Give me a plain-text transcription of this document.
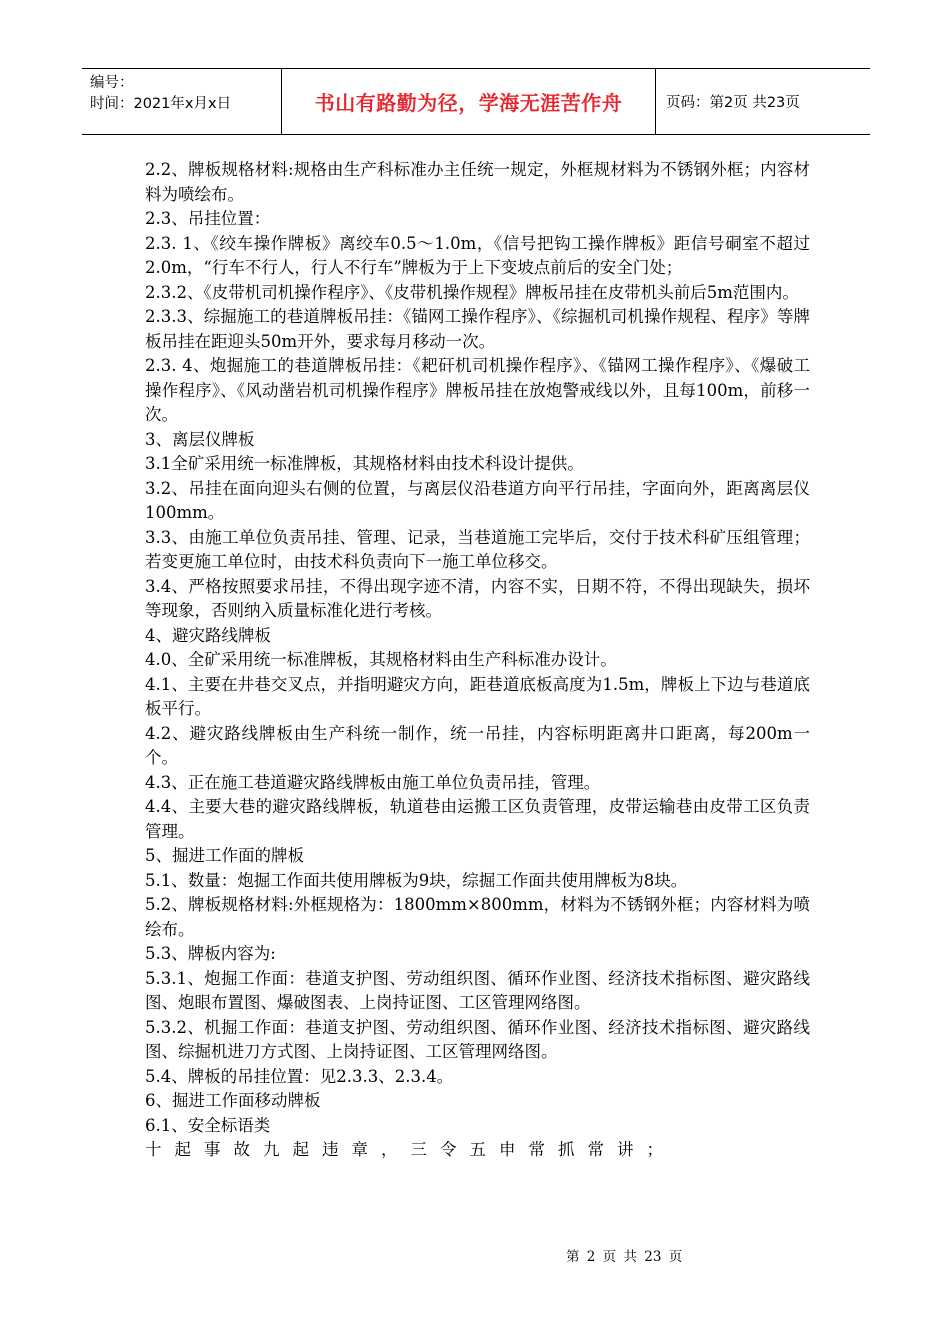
编号：
时间：2021年x月x日	书山有路勤为径，学海无涯苦作舟	页码：第2页 共23页

2.2、牌板规格材料:规格由生产科标准办主任统一规定，外框规材料为不锈钢外框；内容材料为喷绘布。

2.3、吊挂位置：

2.3. 1、《绞车操作牌板》离绞车0.5～1.0m，《信号把钩工操作牌板》距信号硐室不超过2.0m，“行车不行人，行人不行车”牌板为于上下变坡点前后的安全门处；

2.3.2、《皮带机司机操作程序》、《皮带机操作规程》牌板吊挂在皮带机头前后5m范围内。

2.3.3、综掘施工的巷道牌板吊挂：《锚网工操作程序》、《综掘机司机操作规程、程序》等牌板吊挂在距迎头50m开外，要求每月移动一次。

2.3. 4、炮掘施工的巷道牌板吊挂：《耙矸机司机操作程序》、《锚网工操作程序》、《爆破工操作程序》、《风动凿岩机司机操作程序》牌板吊挂在放炮警戒线以外，且每100m，前移一次。

3、离层仪牌板

3.1全矿采用统一标准牌板，其规格材料由技术科设计提供。

3.2、吊挂在面向迎头右侧的位置，与离层仪沿巷道方向平行吊挂，字面向外，距离离层仪100mm。

3.3、由施工单位负责吊挂、管理、记录，当巷道施工完毕后，交付于技术科矿压组管理；若变更施工单位时，由技术科负责向下一施工单位移交。

3.4、严格按照要求吊挂，不得出现字迹不清，内容不实，日期不符，不得出现缺失，损坏等现象，否则纳入质量标准化进行考核。

4、避灾路线牌板

4.0、全矿采用统一标准牌板，其规格材料由生产科标准办设计。

4.1、主要在井巷交叉点，并指明避灾方向，距巷道底板高度为1.5m，牌板上下边与巷道底板平行。

4.2、避灾路线牌板由生产科统一制作，统一吊挂，内容标明距离井口距离，每200m一个。

4.3、正在施工巷道避灾路线牌板由施工单位负责吊挂，管理。

4.4、主要大巷的避灾路线牌板，轨道巷由运搬工区负责管理，皮带运输巷由皮带工区负责管理。

5、掘进工作面的牌板

5.1、数量：炮掘工作面共使用牌板为9块，综掘工作面共使用牌板为8块。

5.2、牌板规格材料:外框规格为：1800mm×800mm，材料为不锈钢外框；内容材料为喷绘布。

5.3、牌板内容为:

5.3.1、炮掘工作面：巷道支护图、劳动组织图、循环作业图、经济技术指标图、避灾路线图、炮眼布置图、爆破图表、上岗持证图、工区管理网络图。

5.3.2、机掘工作面：巷道支护图、劳动组织图、循环作业图、经济技术指标图、避灾路线图、综掘机进刀方式图、上岗持证图、工区管理网络图。

5.4、牌板的吊挂位置：见2.3.3、2.3.4。

6、掘进工作面移动牌板

6.1、安全标语类

十起事故九起违章，三令五申常抓常讲；

第 2 页 共 23 页
